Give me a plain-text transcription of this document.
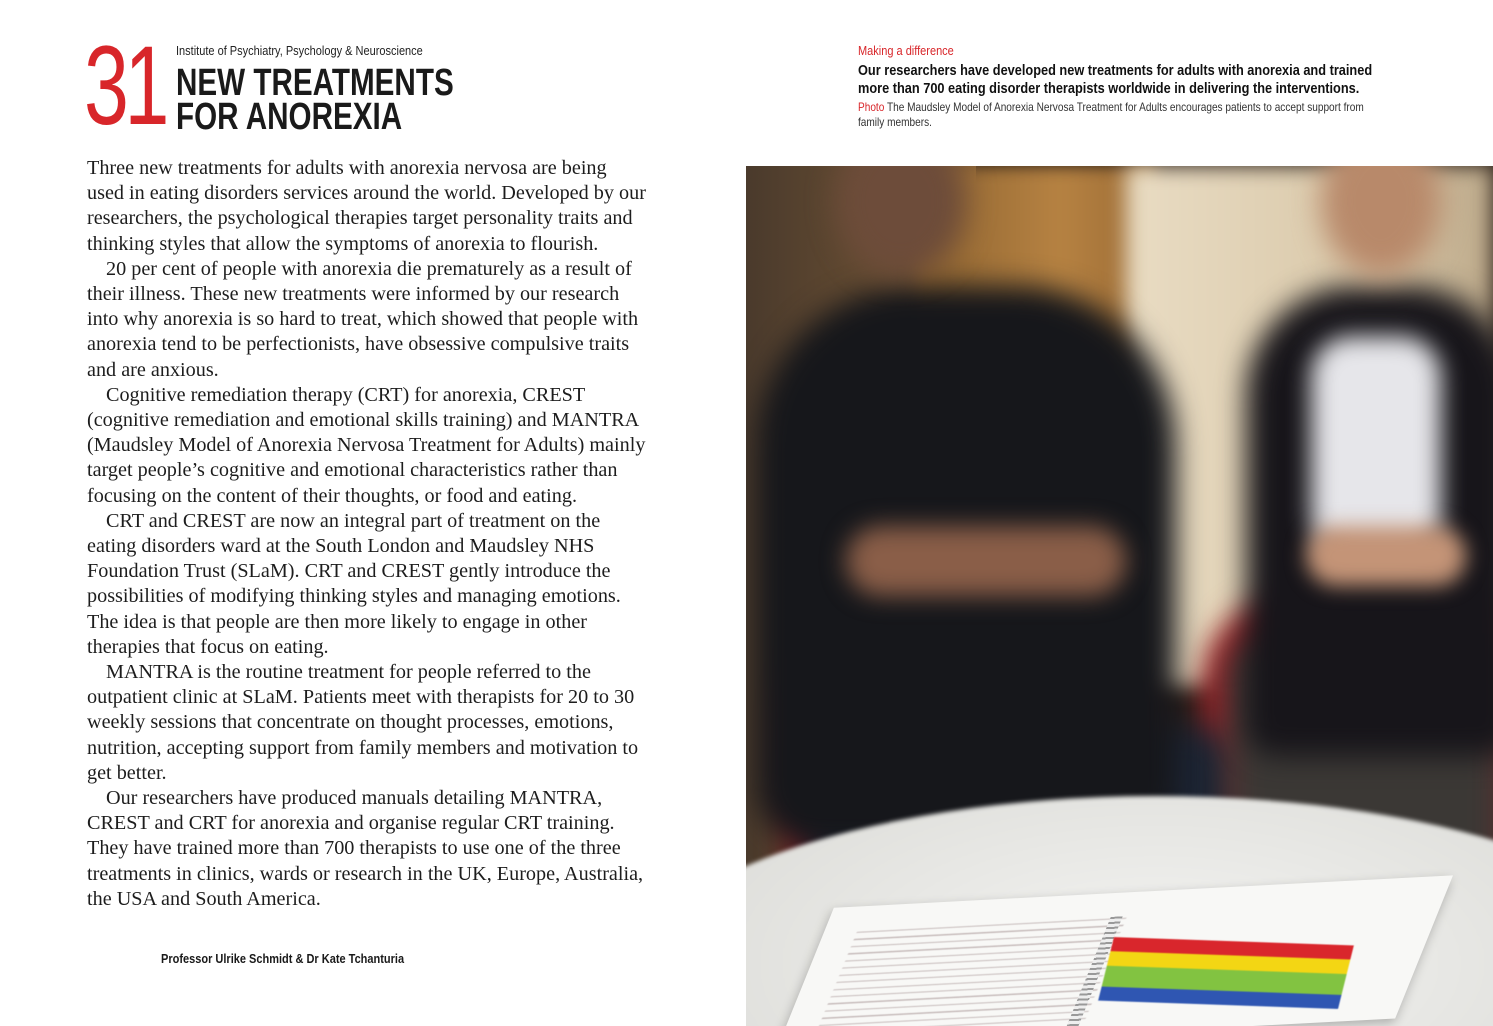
31 Institute of Psychiatry, Psychology & Neuroscience
NEW TREATMENTS
FOR ANOREXIA

Three new treatments for adults with anorexia nervosa are being used in eating disorders services around the world. Developed by our researchers, the psychological therapies target personality traits and thinking styles that allow the symptoms of anorexia to flourish.

20 per cent of people with anorexia die prematurely as a result of their illness. These new treatments were informed by our research into why anorexia is so hard to treat, which showed that people with anorexia tend to be perfectionists, have obsessive compulsive traits and are anxious.

Cognitive remediation therapy (CRT) for anorexia, CREST (cognitive remediation and emotional skills training) and MANTRA (Maudsley Model of Anorexia Nervosa Treatment for Adults) mainly target people’s cognitive and emotional characteristics rather than focusing on the content of their thoughts, or food and eating.

CRT and CREST are now an integral part of treatment on the eating disorders ward at the South London and Maudsley NHS Foundation Trust (SLaM). CRT and CREST gently introduce the possibilities of modifying thinking styles and managing emotions. The idea is that people are then more likely to engage in other therapies that focus on eating.

MANTRA is the routine treatment for people referred to the outpatient clinic at SLaM. Patients meet with therapists for 20 to 30 weekly sessions that concentrate on thought processes, emotions, nutrition, accepting support from family members and motivation to get better.

Our researchers have produced manuals detailing MANTRA, CREST and CRT for anorexia and organise regular CRT training. They have trained more than 700 therapists to use one of the three treatments in clinics, wards or research in the UK, Europe, Australia, the USA and South America.

Professor Ulrike Schmidt & Dr Kate Tchanturia
Making a difference
Our researchers have developed new treatments for adults with anorexia and trained more than 700 eating disorder therapists worldwide in delivering the interventions.
Photo The Maudsley Model of Anorexia Nervosa Treatment for Adults encourages patients to accept support from family members.
